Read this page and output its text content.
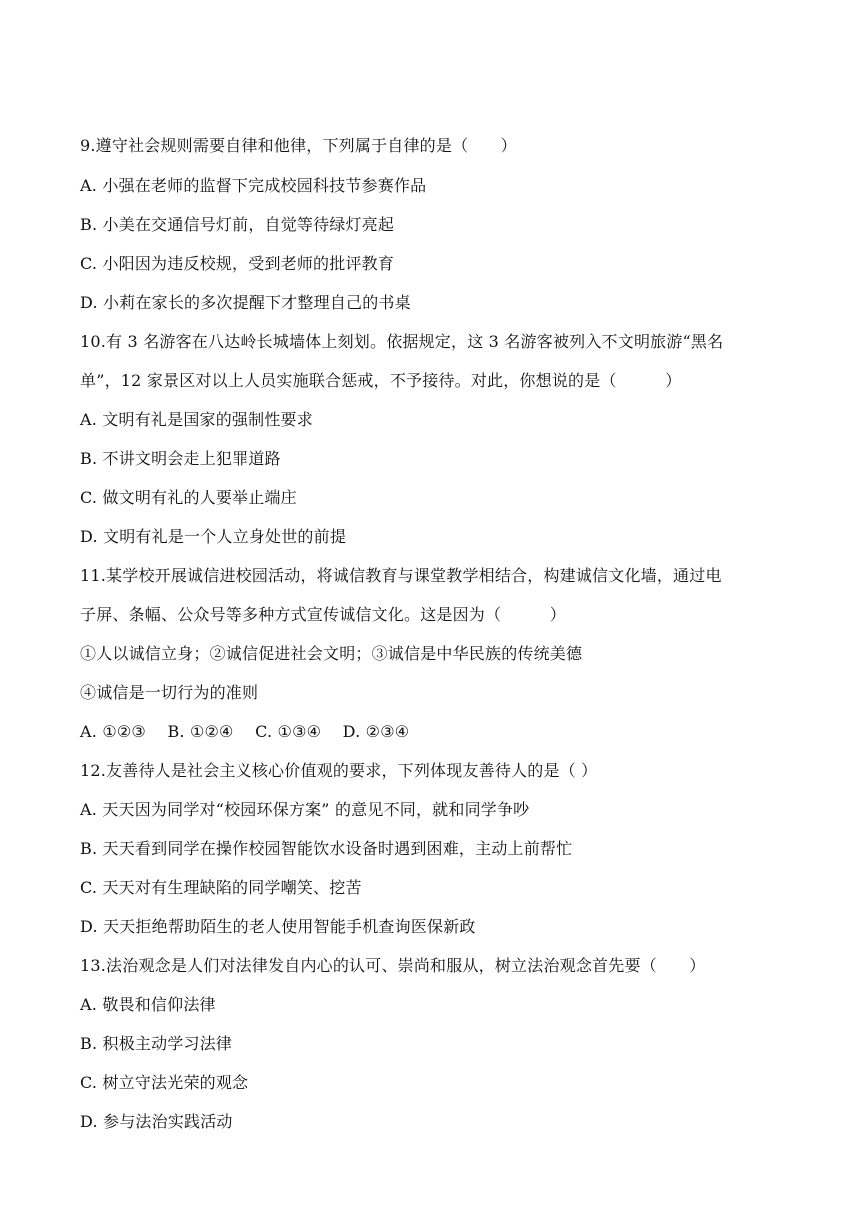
9.遵守社会规则需要自律和他律，下列属于自律的是（　　）
A. 小强在老师的监督下完成校园科技节参赛作品
B. 小美在交通信号灯前，自觉等待绿灯亮起
C. 小阳因为违反校规，受到老师的批评教育
D. 小莉在家长的多次提醒下才整理自己的书桌
10.有 3 名游客在八达岭长城墙体上刻划。依据规定，这 3 名游客被列入不文明旅游“黑名
单”，12 家景区对以上人员实施联合惩戒，不予接待。对此，你想说的是（　　　）
A. 文明有礼是国家的强制性要求
B. 不讲文明会走上犯罪道路
C. 做文明有礼的人要举止端庄
D. 文明有礼是一个人立身处世的前提
11.某学校开展诚信进校园活动，将诚信教育与课堂教学相结合，构建诚信文化墙，通过电
子屏、条幅、公众号等多种方式宣传诚信文化。这是因为（　　　）
①人以诚信立身；②诚信促进社会文明；③诚信是中华民族的传统美德
④诚信是一切行为的准则
A. ①②③　 B. ①②④　 C. ①③④　 D. ②③④
12.友善待人是社会主义核心价值观的要求，下列体现友善待人的是（ ）
A. 天天因为同学对“校园环保方案” 的意见不同，就和同学争吵
B. 天天看到同学在操作校园智能饮水设备时遇到困难，主动上前帮忙
C. 天天对有生理缺陷的同学嘲笑、挖苦
D. 天天拒绝帮助陌生的老人使用智能手机查询医保新政
13.法治观念是人们对法律发自内心的认可、崇尚和服从，树立法治观念首先要（　　）
A. 敬畏和信仰法律
B. 积极主动学习法律
C. 树立守法光荣的观念
D. 参与法治实践活动
